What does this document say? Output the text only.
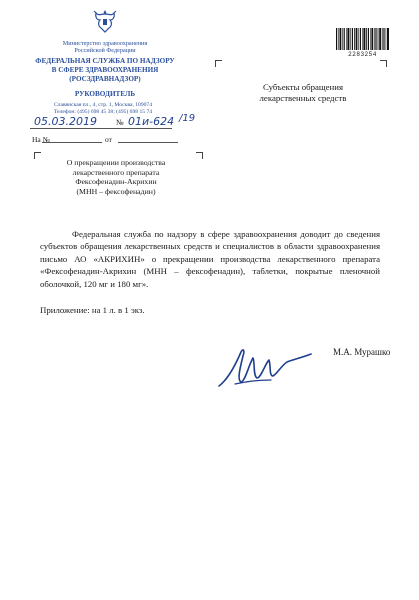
Министерство здравоохранения
Российской Федерации
ФЕДЕРАЛЬНАЯ СЛУЖБА ПО НАДЗОРУ
В СФЕРЕ ЗДРАВООХРАНЕНИЯ
(РОСЗДРАВНАДЗОР)
РУКОВОДИТЕЛЬ
Славянская пл., 4, стр. 1, Москва, 109074
Телефон: (495) 698 45 38; (495) 698 15 74
2283254
05.03.2019 № 01и-624 /19
На №	от
Субъекты обращения
лекарственных средств
О прекращении производства
лекарственного препарата
Фексофенадин-Акрихин
(МНН – фексофенадин)
Федеральная служба по надзору в сфере здравоохранения доводит до сведения субъектов обращения лекарственных средств и специалистов в области здравоохранения письмо АО «АКРИХИН» о прекращении производства лекарственного препарата «Фексофенадин-Акрихин (МНН – фексофенадин), таблетки, покрытые пленочной оболочкой, 120 мг и 180 мг».
Приложение: на 1 л. в 1 экз.
М.А. Мурашко
